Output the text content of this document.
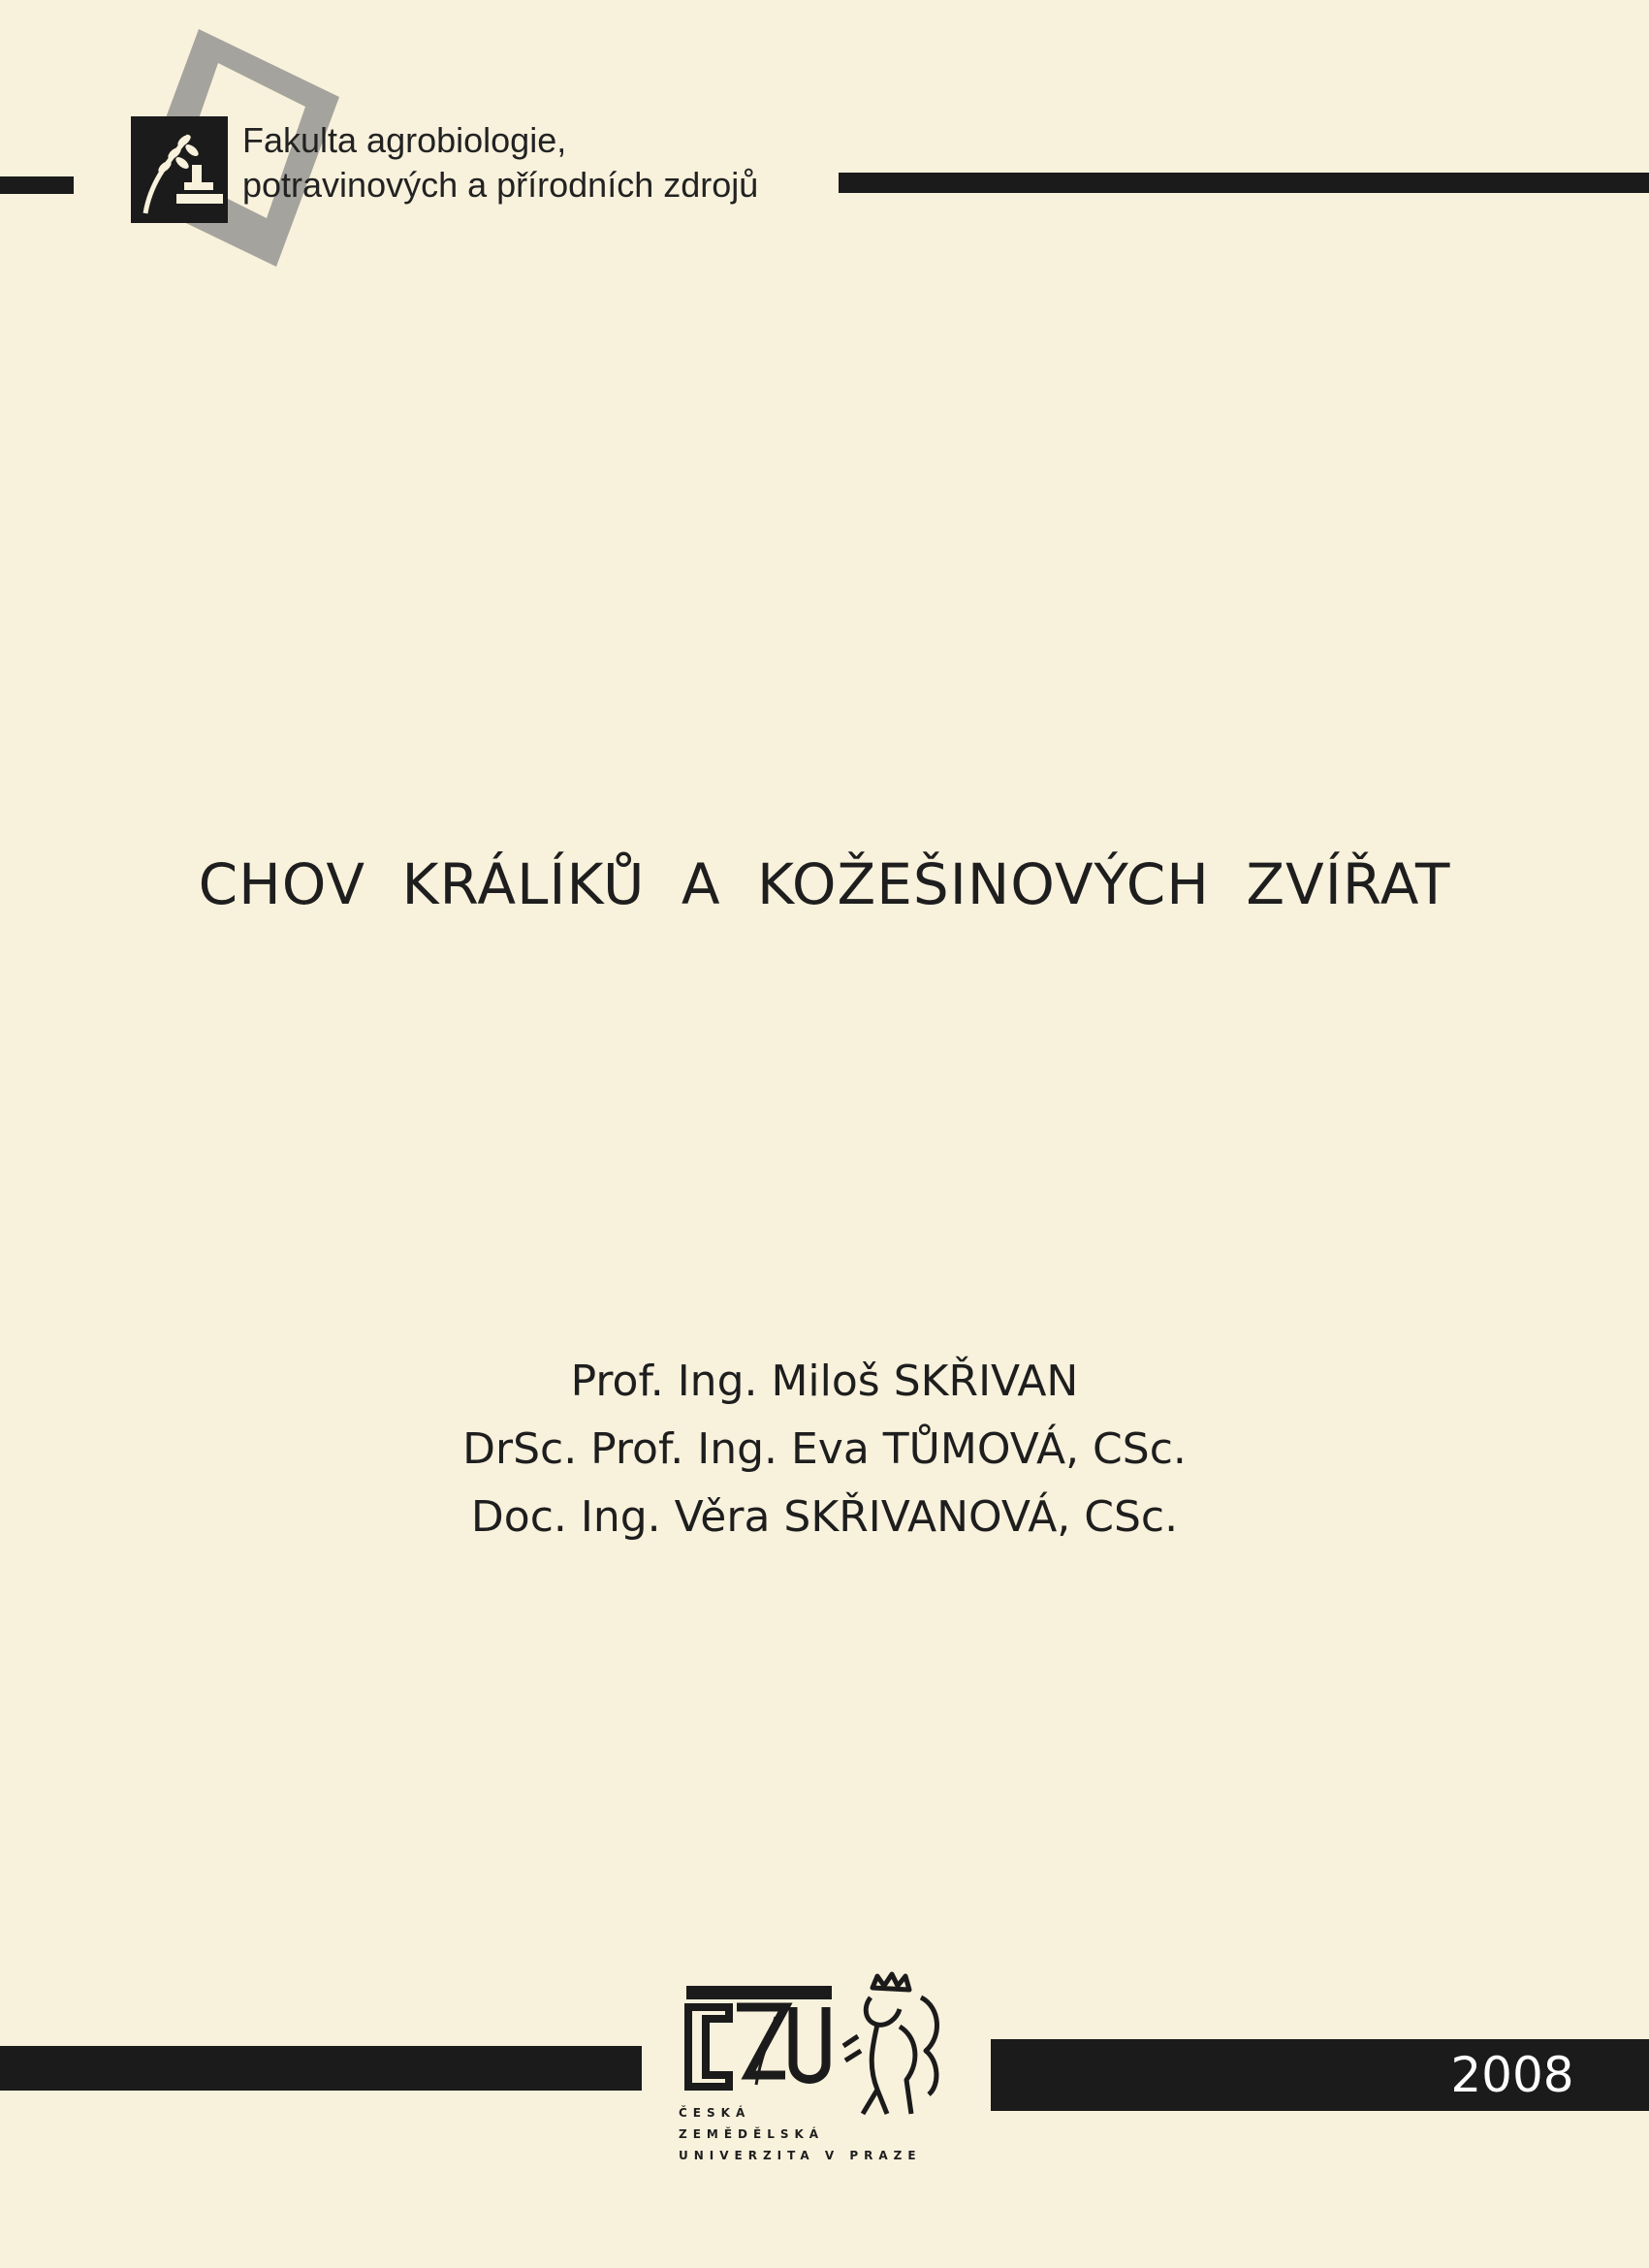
Fakulta agrobiologie,
potravinových a přírodních zdrojů
CHOV KRÁLÍKŮ A KOŽEŠINOVÝCH ZVÍŘAT
Prof. Ing. Miloš SKŘIVAN
DrSc. Prof. Ing. Eva TŮMOVÁ, CSc.
Doc. Ing. Věra SKŘIVANOVÁ, CSc.
2008
ČESKÁ
ZEMĚDĚLSKÁ
UNIVERZITA V PRAZE
